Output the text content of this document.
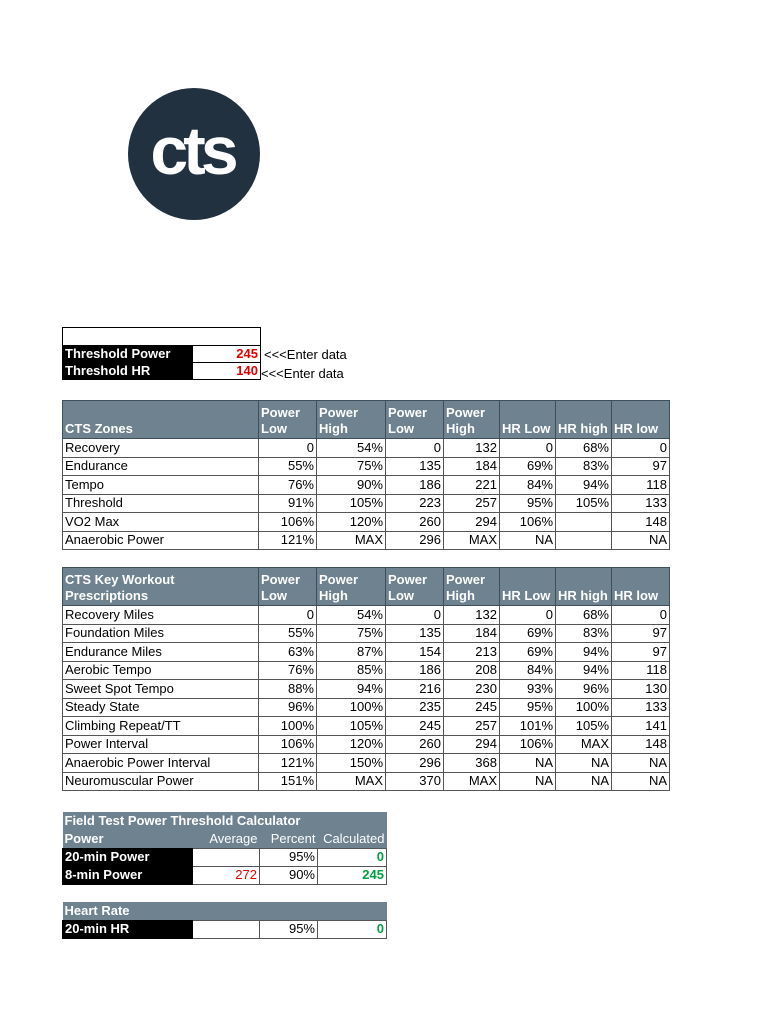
cts

Threshold Power	245
Threshold HR	140
<<<Enter data
<<<Enter data
CTS Zones	Power Low	Power High	Power Low	Power High	HR Low	HR high	HR low
Recovery	0	54%	0	132	0	68%	0
Endurance	55%	75%	135	184	69%	83%	97
Tempo	76%	90%	186	221	84%	94%	118
Threshold	91%	105%	223	257	95%	105%	133
VO2 Max	106%	120%	260	294	106%		148
Anaerobic Power	121%	MAX	296	MAX	NA		NA
CTS Key Workout Prescriptions	Power Low	Power High	Power Low	Power High	HR Low	HR high	HR low
Recovery Miles	0	54%	0	132	0	68%	0
Foundation Miles	55%	75%	135	184	69%	83%	97
Endurance Miles	63%	87%	154	213	69%	94%	97
Aerobic Tempo	76%	85%	186	208	84%	94%	118
Sweet Spot Tempo	88%	94%	216	230	93%	96%	130
Steady State	96%	100%	235	245	95%	100%	133
Climbing Repeat/TT	100%	105%	245	257	101%	105%	141
Power Interval	106%	120%	260	294	106%	MAX	148
Anaerobic Power Interval	121%	150%	296	368	NA	NA	NA
Neuromuscular Power	151%	MAX	370	MAX	NA	NA	NA
Field Test Power Threshold Calculator			
Power	Average	Percent	Calculated
20-min Power		95%	0
8-min Power	272	90%	245

Heart Rate			
20-min HR		95%	0
